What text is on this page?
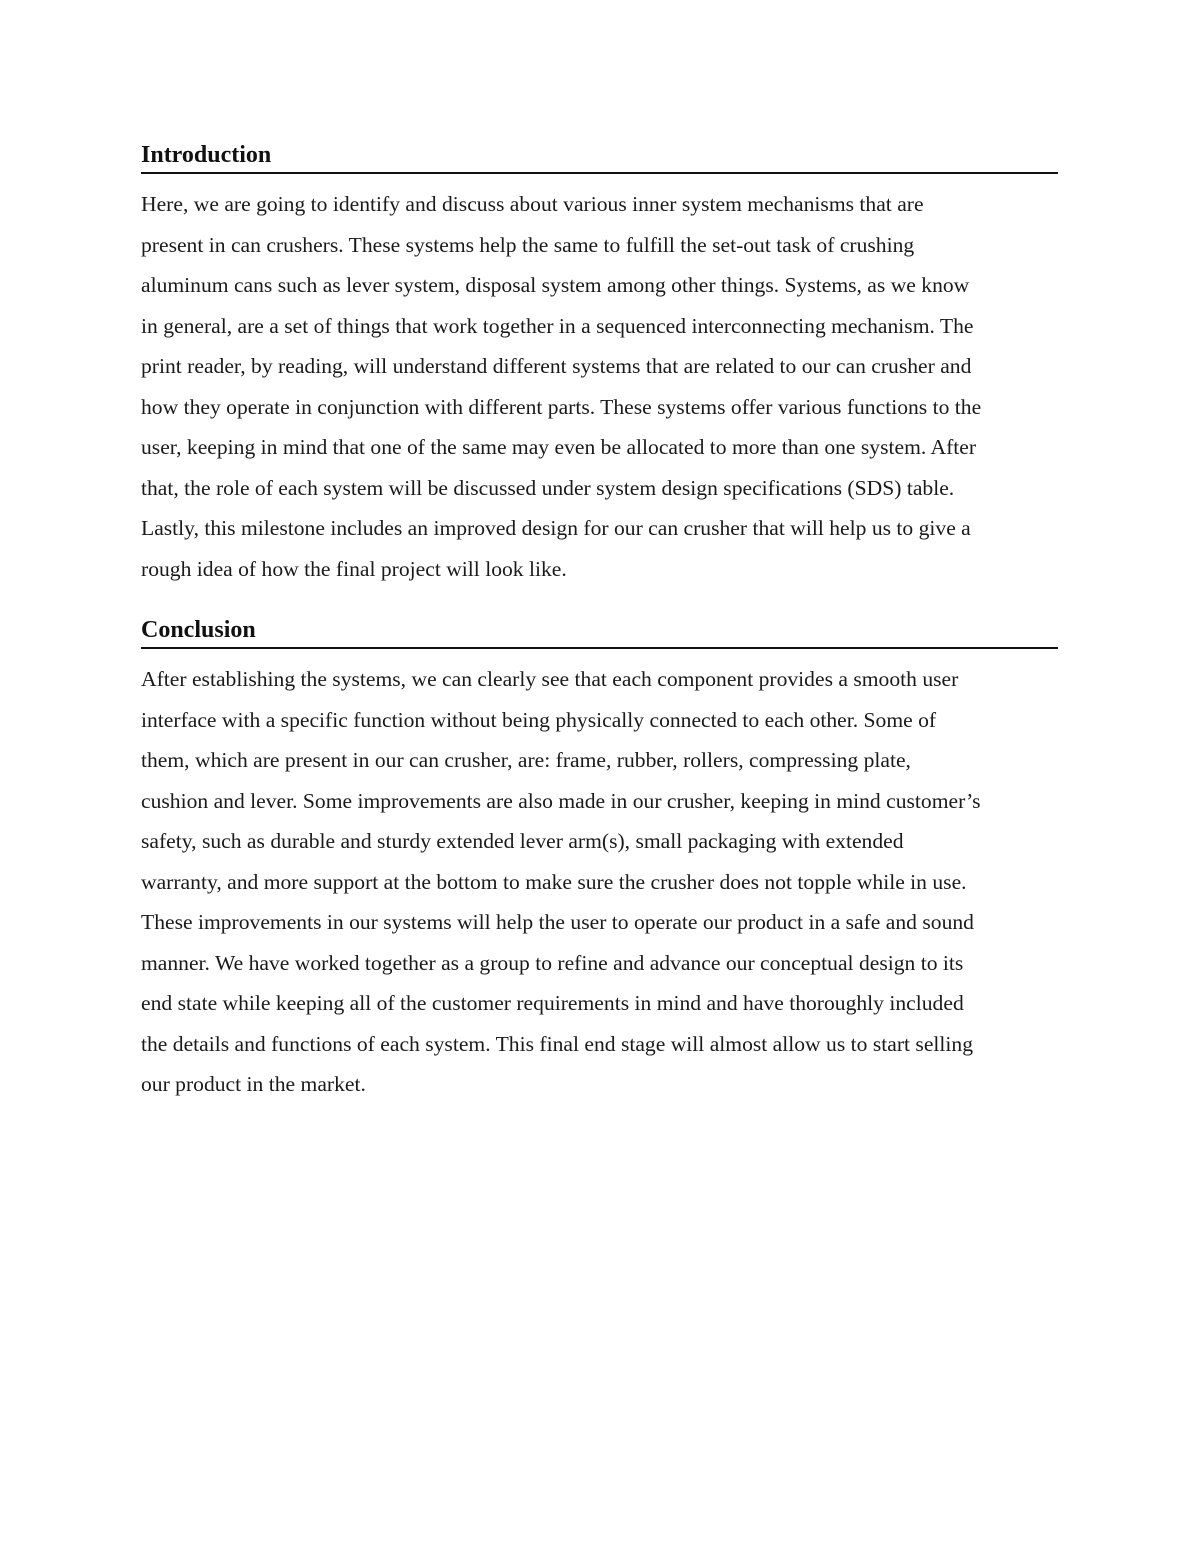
Introduction

Here, we are going to identify and discuss about various inner system mechanisms that are
present in can crushers. These systems help the same to fulfill the set-out task of crushing
aluminum cans such as lever system, disposal system among other things. Systems, as we know
in general, are a set of things that work together in a sequenced interconnecting mechanism. The
print reader, by reading, will understand different systems that are related to our can crusher and
how they operate in conjunction with different parts. These systems offer various functions to the
user, keeping in mind that one of the same may even be allocated to more than one system. After
that, the role of each system will be discussed under system design specifications (SDS) table.
Lastly, this milestone includes an improved design for our can crusher that will help us to give a
rough idea of how the final project will look like.

Conclusion

After establishing the systems, we can clearly see that each component provides a smooth user
interface with a specific function without being physically connected to each other. Some of
them, which are present in our can crusher, are: frame, rubber, rollers, compressing plate,
cushion and lever. Some improvements are also made in our crusher, keeping in mind customer’s
safety, such as durable and sturdy extended lever arm(s), small packaging with extended
warranty, and more support at the bottom to make sure the crusher does not topple while in use.
These improvements in our systems will help the user to operate our product in a safe and sound
manner. We have worked together as a group to refine and advance our conceptual design to its
end state while keeping all of the customer requirements in mind and have thoroughly included
the details and functions of each system. This final end stage will almost allow us to start selling
our product in the market.
